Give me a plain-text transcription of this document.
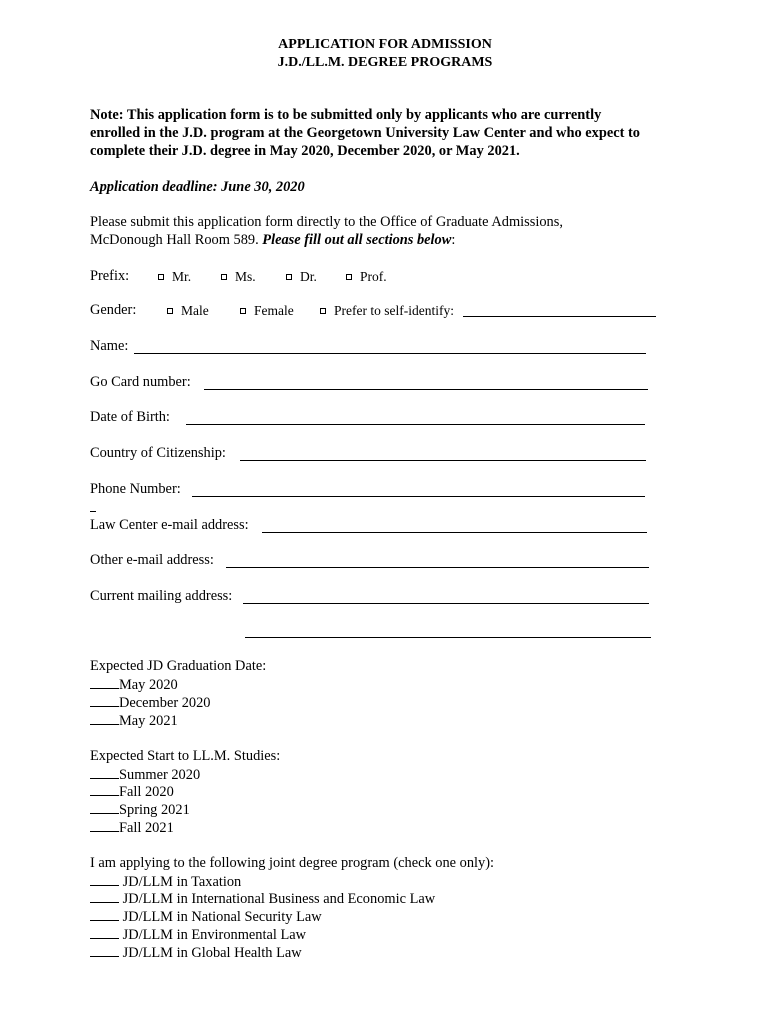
APPLICATION FOR ADMISSION
J.D./LL.M. DEGREE PROGRAMS
Note: This application form is to be submitted only by applicants who are currently
enrolled in the J.D. program at the Georgetown University Law Center and who expect to
complete their J.D. degree in May 2020, December 2020, or May 2021.
Application deadline: June 30, 2020
Please submit this application form directly to the Office of Graduate Admissions,
McDonough Hall Room 589. Please fill out all sections below:
Prefix:	Mr.	Ms.	Dr.	Prof.
Gender:	Male	Female	Prefer to self-identify:
Name:
Go Card number:
Date of Birth:
Country of Citizenship:
Phone Number:
Law Center e-mail address:
Other e-mail address:
Current mailing address:
Expected JD Graduation Date:
May 2020
December 2020
May 2021
Expected Start to LL.M. Studies:
Summer 2020
Fall 2020
Spring 2021
Fall 2021
I am applying to the following joint degree program (check one only):
JD/LLM in Taxation
JD/LLM in International Business and Economic Law
JD/LLM in National Security Law
JD/LLM in Environmental Law
JD/LLM in Global Health Law
